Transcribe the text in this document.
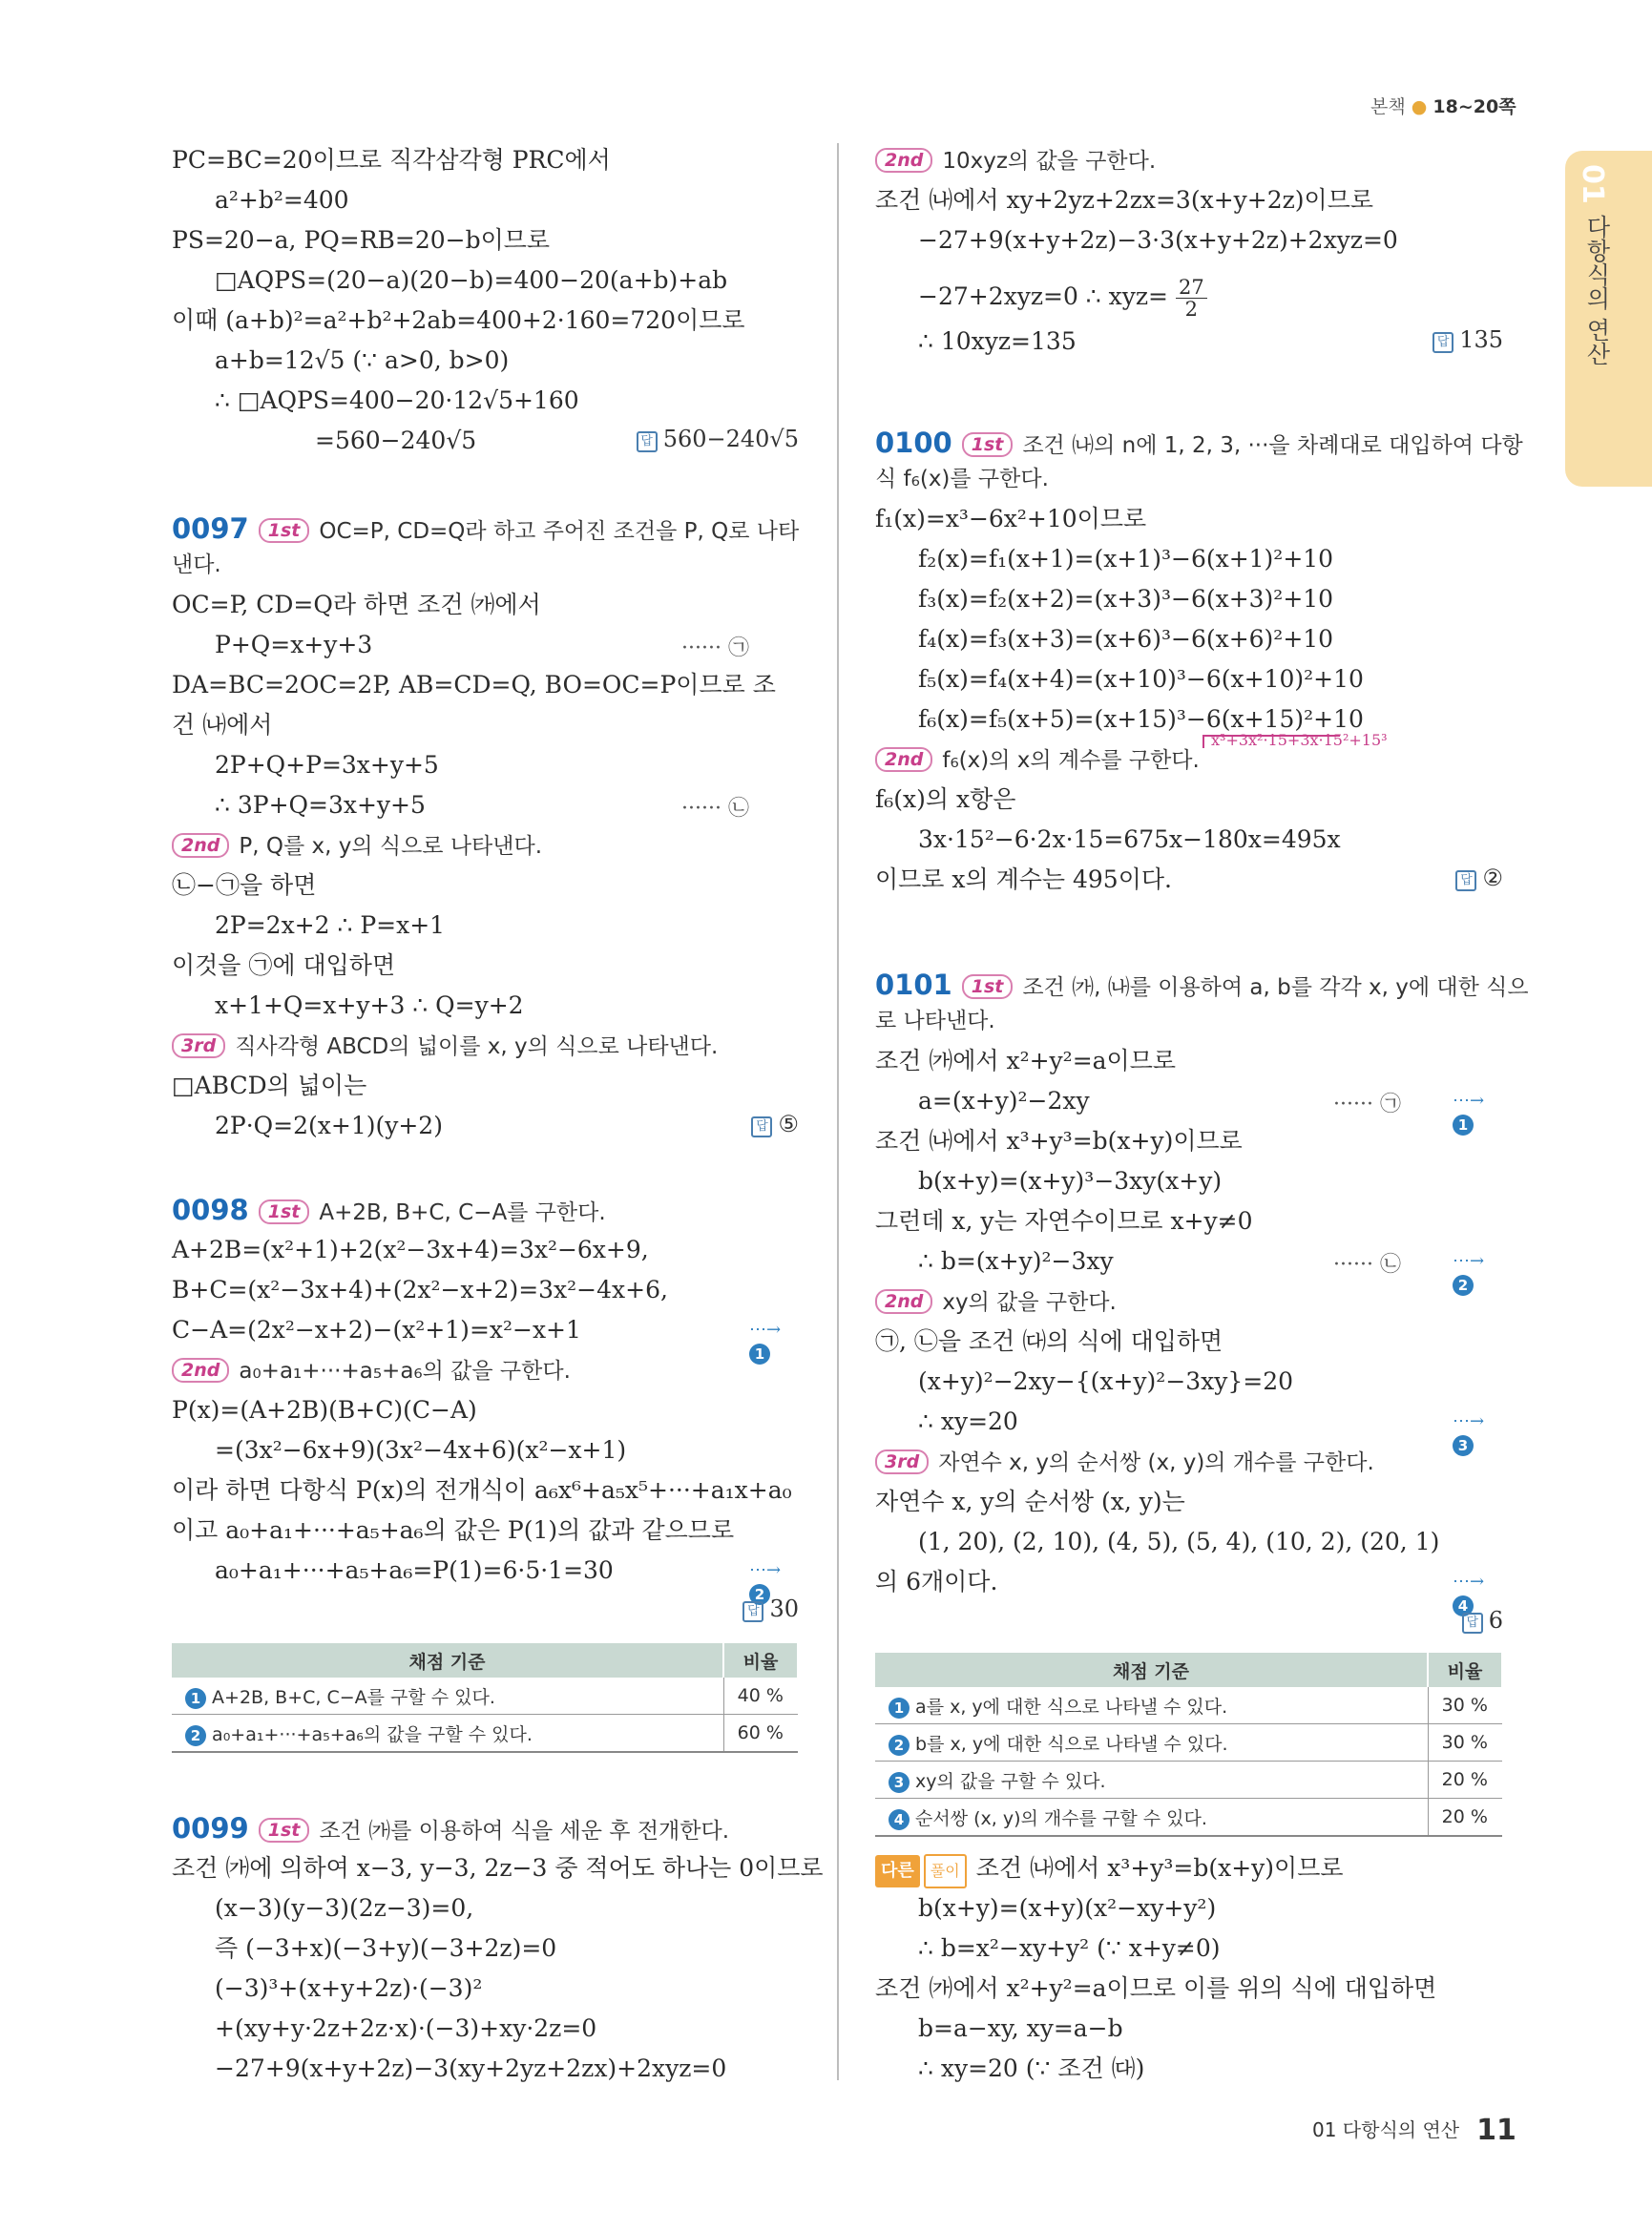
본책 ● 18~20쪽
01
다항식의 연산
PC=BC=20이므로 직각삼각형 PRC에서
a²+b²=400
PS=20−a, PQ=RB=20−b이므로
□AQPS=(20−a)(20−b)=400−20(a+b)+ab
이때 (a+b)²=a²+b²+2ab=400+2·160=720이므로
a+b=12√5 (∵ a>0, b>0)
∴ □AQPS=400−20·12√5+160
=560−240√5	답 560−240√5
0097 1st OC=P, CD=Q라 하고 주어진 조건을 P, Q로 나타
낸다.
OC=P, CD=Q라 하면 조건 ㈎에서
P+Q=x+y+3	······ ㉠
DA=BC=2OC=2P, AB=CD=Q, BO=OC=P이므로 조
건 ㈏에서
2P+Q+P=3x+y+5
∴ 3P+Q=3x+y+5	······ ㉡
2nd P, Q를 x, y의 식으로 나타낸다.
㉡−㉠을 하면
2P=2x+2 ∴ P=x+1
이것을 ㉠에 대입하면
x+1+Q=x+y+3 ∴ Q=y+2
3rd 직사각형 ABCD의 넓이를 x, y의 식으로 나타낸다.
□ABCD의 넓이는
2P·Q=2(x+1)(y+2)	답 ⑤
0098 1st A+2B, B+C, C−A를 구한다.
A+2B=(x²+1)+2(x²−3x+4)=3x²−6x+9,
B+C=(x²−3x+4)+(2x²−x+2)=3x²−4x+6,
C−A=(2x²−x+2)−(x²+1)=x²−x+1	⋯→1
2nd a₀+a₁+···+a₅+a₆의 값을 구한다.
P(x)=(A+2B)(B+C)(C−A)
=(3x²−6x+9)(3x²−4x+6)(x²−x+1)
이라 하면 다항식 P(x)의 전개식이 a₆x⁶+a₅x⁵+···+a₁x+a₀
이고 a₀+a₁+···+a₅+a₆의 값은 P(1)의 값과 같으므로
a₀+a₁+···+a₅+a₆=P(1)=6·5·1=30	⋯→2
답 30
채점 기준	비율
1 A+2B, B+C, C−A를 구할 수 있다.	40 %
2 a₀+a₁+···+a₅+a₆의 값을 구할 수 있다.	60 %
0099 1st 조건 ㈎를 이용하여 식을 세운 후 전개한다.
조건 ㈎에 의하여 x−3, y−3, 2z−3 중 적어도 하나는 0이므로
(x−3)(y−3)(2z−3)=0,
즉 (−3+x)(−3+y)(−3+2z)=0
(−3)³+(x+y+2z)·(−3)²
+(xy+y·2z+2z·x)·(−3)+xy·2z=0
−27+9(x+y+2z)−3(xy+2yz+2zx)+2xyz=0
2nd 10xyz의 값을 구한다.
조건 ㈏에서 xy+2yz+2zx=3(x+y+2z)이므로
−27+9(x+y+2z)−3·3(x+y+2z)+2xyz=0
−27+2xyz=0 ∴ $xyz= \frac{27}{2}$
∴ 10xyz=135	답 135
0100 1st 조건 ㈏의 n에 1, 2, 3, ···을 차례대로 대입하여 다항
식 f₆(x)를 구한다.
f₁(x)=x³−6x²+10이므로
f₂(x)=f₁(x+1)=(x+1)³−6(x+1)²+10
f₃(x)=f₂(x+2)=(x+3)³−6(x+3)²+10
f₄(x)=f₃(x+3)=(x+6)³−6(x+6)²+10
f₅(x)=f₄(x+4)=(x+10)³−6(x+10)²+10
f₆(x)=f₅(x+5)=(x+15)³−6(x+15)²+10
x³+3x²·15+3x·15²+15³
2nd f₆(x)의 x의 계수를 구한다.
f₆(x)의 x항은
3x·15²−6·2x·15=675x−180x=495x
이므로 x의 계수는 495이다.	답 ②
0101 1st 조건 ㈎, ㈏를 이용하여 a, b를 각각 x, y에 대한 식으
로 나타낸다.
조건 ㈎에서 x²+y²=a이므로
a=(x+y)²−2xy	······ ㉠	⋯→1
조건 ㈏에서 x³+y³=b(x+y)이므로
b(x+y)=(x+y)³−3xy(x+y)
그런데 x, y는 자연수이므로 x+y≠0
∴ b=(x+y)²−3xy	······ ㉡	⋯→2
2nd xy의 값을 구한다.
㉠, ㉡을 조건 ㈐의 식에 대입하면
(x+y)²−2xy−{(x+y)²−3xy}=20
∴ xy=20	⋯→3
3rd 자연수 x, y의 순서쌍 (x, y)의 개수를 구한다.
자연수 x, y의 순서쌍 (x, y)는
(1, 20), (2, 10), (4, 5), (5, 4), (10, 2), (20, 1)
의 6개이다.	⋯→4
답 6
채점 기준	비율
1 a를 x, y에 대한 식으로 나타낼 수 있다.	30 %
2 b를 x, y에 대한 식으로 나타낼 수 있다.	30 %
3 xy의 값을 구할 수 있다.	20 %
4 순서쌍 (x, y)의 개수를 구할 수 있다.	20 %
다른 풀이 조건 ㈏에서 x³+y³=b(x+y)이므로
b(x+y)=(x+y)(x²−xy+y²)
∴ b=x²−xy+y² (∵ x+y≠0)
조건 ㈎에서 x²+y²=a이므로 이를 위의 식에 대입하면
b=a−xy, xy=a−b
∴ xy=20 (∵ 조건 ㈐)
01 다항식의 연산 11
